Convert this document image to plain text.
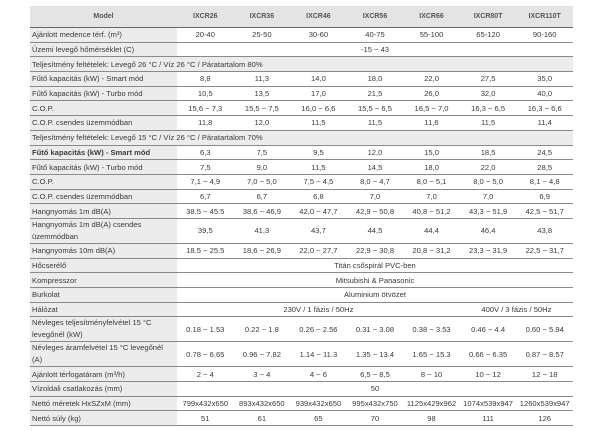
Model	IXCR26	IXCR36	IXCR46	IXCR56	IXCR66	IXCR80T	IXCR110T
Ajánlott medence térf. (m³)	20-40	25-50	30-60	40-75	55-100	65-120	90-160
Üzemi levegő hőmérséklet (C)	-15 ~ 43						
Teljesítmény feltételek: Levegő 26 °C / Víz 26 °C / Páratartalom 80%							
Fűtő kapacitás (kW) - Smart mód	8,8	11,3	14,0	18,0	22,0	27,5	35,0
Fűtő kapacitás (kW) - Turbo mód	10,5	13,5	17,0	21,5	26,0	32,0	40,0
C.O.P.	15,6 ~ 7,3	15,5 ~ 7,5	16,0 ~ 6,6	15,5 ~ 6,5	16,5 ~ 7,0	16,3 ~ 6,5	16,3 ~ 6,6
C.O.P. csendes üzemmódban	11,8	12,0	11,5	11,5	11,6	11,5	11,4
Teljesítmény feltételek: Levegő 15 °C / Víz 26 °C / Páratartalom 70%							
Fűtő kapacitás (kW) - Smart mód	6,3	7,5	9,5	12,0	15,0	18,5	24,5
Fűtő kapacitás (kW) - Turbo mód	7,5	9,0	11,5	14,5	18,0	22,0	28,5
C.O.P.	7,1 ~ 4,9	7,0 ~ 5,0	7,5 ~ 4,5	8,0 ~ 4,7	8,0 ~ 5,1	8,0 ~ 5,0	8,1 ~ 4,8
C.O.P. csendes üzemmódban	6,7	6,7	6,8	7,0	7,0	7,0	6,9
Hangnyomás 1m dB(A)	38.5 ~ 45.5	38,6 ~ 46,9	42,0 ~ 47,7	42,9 ~ 50,8	40,8 ~ 51,2	43,3 ~ 51,9	42,5 ~ 51,7
Hangnyomás 1m dB(A) csendes üzemmódban	39,5	41,3	43,7	44,5	44,4	46,4	43,8
Hangnyomás 10m dB(A)	18.5 ~ 25.5	18,6 ~ 26,9	22,0 ~ 27,7	22,9 ~ 30,8	20,8 ~ 31,2	23,3 ~ 31,9	22,5 ~ 31,7
Hőcserélő	Titán csőspirál PVC-ben						
Kompresszor	Mitsubishi & Panasonic						
Burkolat	Aluminium ötvözet						
Hálózat	230V / 1 fázis / 50Hz					400V / 3 fázis / 50Hz	
Névleges teljesítményfelvétel 15 °C levegőnél (kW)	0.18 ~ 1.53	0.22 ~ 1.8	0.26 ~ 2.56	0.31 ~ 3.08	0.38 ~ 3.53	0.46 ~ 4.4	0.60 ~ 5.94
Névleges áramfelvétel 15 °C levegőnél (A)	0.78 ~ 6.65	0.96 ~ 7.82	1.14 ~ 11.3	1.35 ~ 13.4	1.65 ~ 15.3	0.66 ~ 6.35	0.87 ~ 8.57
Ajánlott térfogatáram (m³/h)	2 ~ 4	3 ~ 4	4 ~ 6	6,5 ~ 8,5	8 ~ 10	10 ~ 12	12 ~ 18
Vízoldali csatlakozás (mm)	50						
Nettó méretek HxSZxM (mm)	799x432x650	893x432x650	939x432x650	995x432x750	1125x429x962	1074x539x947	1260x539x947
Nettó súly (kg)	51	61	65	70	98	111	126
